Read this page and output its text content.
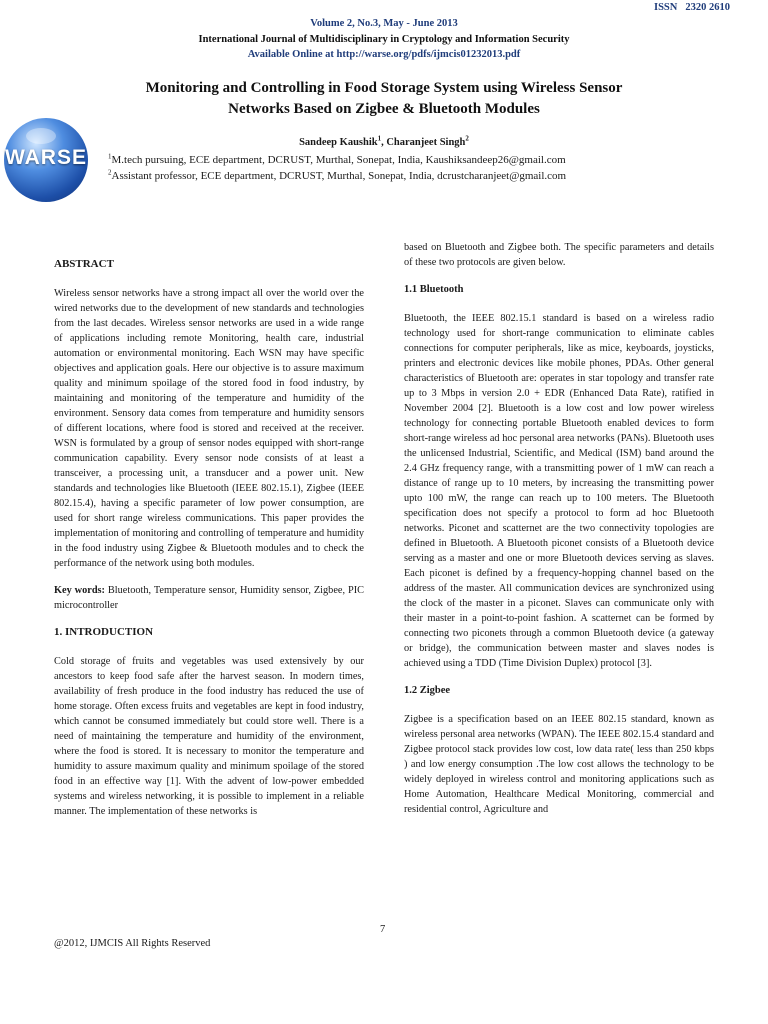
ISSN 2320 2610
Volume 2, No.3, May - June 2013
International Journal of Multidisciplinary in Cryptology and Information Security
Available Online at http://warse.org/pdfs/ijmcis01232013.pdf
WARSE
Monitoring and Controlling in Food Storage System using Wireless Sensor
Networks Based on Zigbee & Bluetooth Modules
Sandeep Kaushik$^1$, Charanjeet Singh$^2$
$^1$M.tech pursuing, ECE department, DCRUST, Murthal, Sonepat, India, Kaushiksandeep26@gmail.com
$^2$Assistant professor, ECE department, DCRUST, Murthal, Sonepat, India, dcrustcharanjeet@gmail.com
ABSTRACT

Wireless sensor networks have a strong impact all over the world over the wired networks due to the development of new standards and technologies from the last decades. Wireless sensor networks are used in a wide range of applications including remote Monitoring, health care, industrial automation or environmental monitoring. Each WSN may have specific objectives and application goals. Here our objective is to assure maximum quality and minimum spoilage of the stored food in food industry, by maintaining and monitoring of the temperature and humidity of the environment. Sensory data comes from temperature and humidity sensors of different locations, where food is stored and received at the receiver. WSN is formulated by a group of sensor nodes equipped with short-range communication capability. Every sensor node consists of at least a transceiver, a processing unit, a transducer and a power unit. New standards and technologies like Bluetooth (IEEE 802.15.1), Zigbee (IEEE 802.15.4), having a specific parameter of low power consumption, are used for short range wireless communications. This paper provides the implementation of monitoring and controlling of temperature and humidity in the food industry using Zigbee & Bluetooth modules and to check the performance of the network using both modules.

Key words: Bluetooth, Temperature sensor, Humidity sensor, Zigbee, PIC microcontroller

1. INTRODUCTION

Cold storage of fruits and vegetables was used extensively by our ancestors to keep food safe after the harvest season. In modern times, availability of fresh produce in the food industry has reduced the use of home storage. Often excess fruits and vegetables are kept in food industry, which cannot be consumed immediately but could store well. There is a need of maintaining the temperature and humidity of the environment, where the food is stored. It is necessary to monitor the temperature and humidity to assure maximum quality and minimum spoilage of the stored food in an effective way [1]. With the advent of low-power embedded systems and wireless networking, it is possible to implement in a reliable manner. The implementation of these networks is

based on Bluetooth and Zigbee both. The specific parameters and details of these two protocols are given below.

1.1 Bluetooth

Bluetooth, the IEEE 802.15.1 standard is based on a wireless radio technology used for short-range communication to eliminate cables connections for computer peripherals, like as mice, keyboards, joysticks, printers and electronic devices like mobile phones, PDAs. Other general characteristics of Bluetooth are: operates in star topology and transfer rate up to 3 Mbps in version 2.0 + EDR (Enhanced Data Rate), ratified in November 2004 [2]. Bluetooth is a low cost and low power wireless technology for connecting portable Bluetooth enabled devices to form short-range wireless ad hoc personal area networks (PANs). Bluetooth uses the unlicensed Industrial, Scientific, and Medical (ISM) band around the 2.4 GHz frequency range, with a transmitting power of 1 mW can reach a distance of range up to 10 meters, by increasing the transmitting power upto 100 mW, the range can reach up to 100 meters. The Bluetooth specification does not specify a protocol to form ad hoc Bluetooth networks. Piconet and scatternet are the two connectivity topologies are defined in Bluetooth. A Bluetooth piconet consists of a Bluetooth device serving as a master and one or more Bluetooth devices serving as slaves. Each piconet is defined by a frequency-hopping channel based on the address of the master. All communication devices are synchronized using the clock of the master in a piconet. Slaves can communicate only with their master in a point-to-point fashion. A scatternet can be formed by connecting two piconets through a common Bluetooth device (a gateway or bridge), the communication between master and slaves nodes is achieved using a TDD (Time Division Duplex) protocol [3].

1.2 Zigbee

Zigbee is a specification based on an IEEE 802.15 standard, known as wireless personal area networks (WPAN). The IEEE 802.15.4 standard and Zigbee protocol stack provides low cost, low data rate( less than 250 kbps ) and low energy consumption .The low cost allows the technology to be widely deployed in wireless control and monitoring applications such as Home Automation, Healthcare Medical Monitoring, commercial and residential control, Agriculture and

7
@2012, IJMCIS All Rights Reserved
